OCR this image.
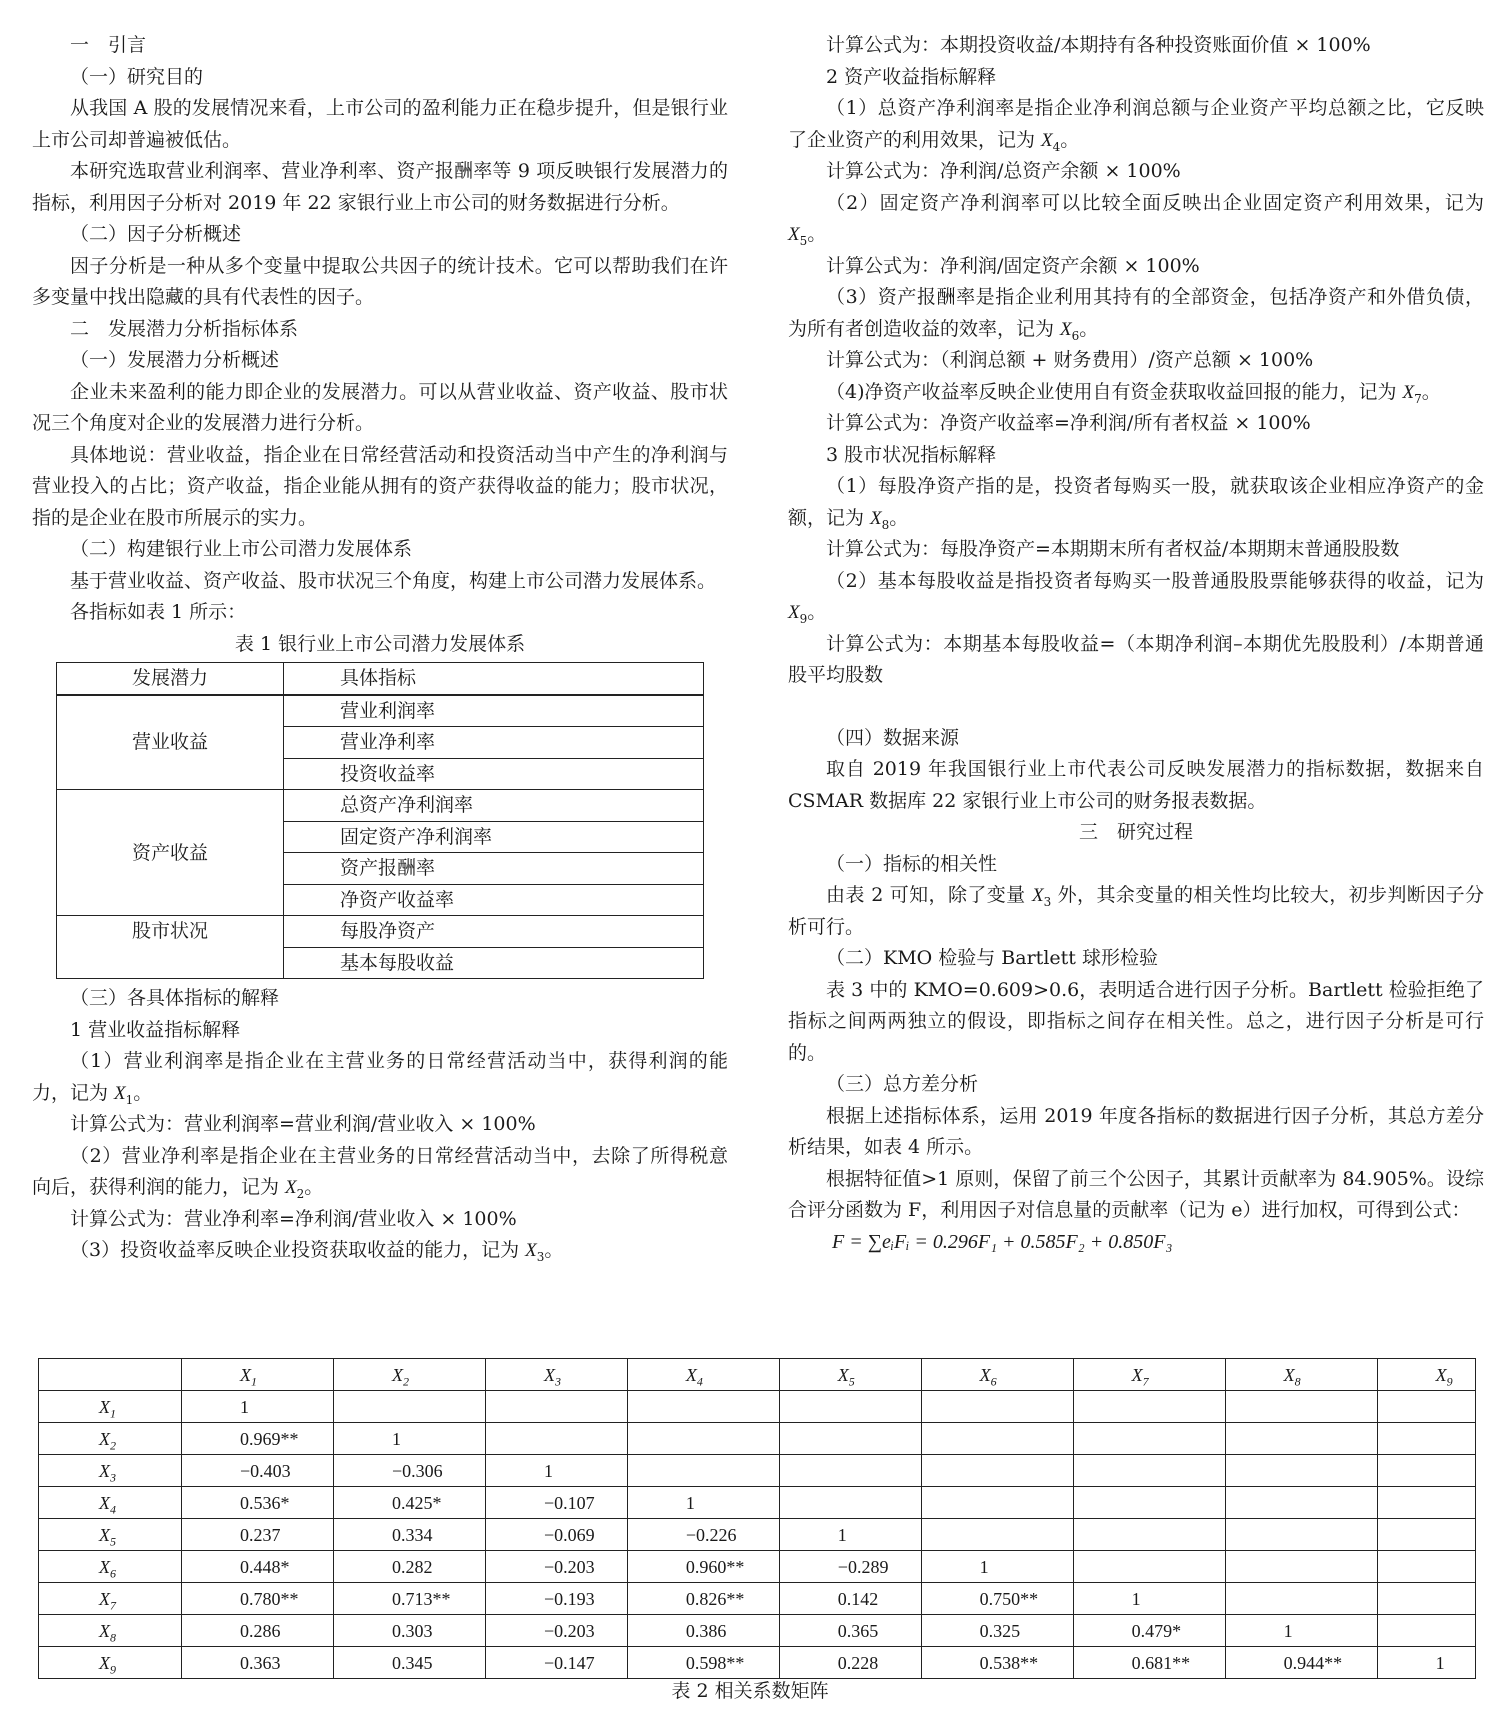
一　引言

（一）研究目的

从我国 A 股的发展情况来看，上市公司的盈利能力正在稳步提升，但是银行业上市公司却普遍被低估。

本研究选取营业利润率、营业净利率、资产报酬率等 9 项反映银行发展潜力的指标，利用因子分析对 2019 年 22 家银行业上市公司的财务数据进行分析。

（二）因子分析概述

因子分析是一种从多个变量中提取公共因子的统计技术。它可以帮助我们在许多变量中找出隐藏的具有代表性的因子。

二　发展潜力分析指标体系

（一）发展潜力分析概述

企业未来盈利的能力即企业的发展潜力。可以从营业收益、资产收益、股市状况三个角度对企业的发展潜力进行分析。

具体地说：营业收益，指企业在日常经营活动和投资活动当中产生的净利润与营业投入的占比；资产收益，指企业能从拥有的资产获得收益的能力；股市状况，指的是企业在股市所展示的实力。

（二）构建银行业上市公司潜力发展体系

基于营业收益、资产收益、股市状况三个角度，构建上市公司潜力发展体系。

各指标如表 1 所示：

表 1 银行业上市公司潜力发展体系

发展潜力	具体指标
营业收益	营业利润率
	营业净利率
	投资收益率
资产收益	总资产净利润率
	固定资产净利润率
	资产报酬率
	净资产收益率
股市状况	每股净资产
	基本每股收益

（三）各具体指标的解释

1 营业收益指标解释

（1）营业利润率是指企业在主营业务的日常经营活动当中，获得利润的能力，记为 $X_1$。

计算公式为：营业利润率=营业利润/营业收入 × 100%

（2）营业净利率是指企业在主营业务的日常经营活动当中，去除了所得税意向后，获得利润的能力，记为 $X_2$。

计算公式为：营业净利率=净利润/营业收入 × 100%

（3）投资收益率反映企业投资获取收益的能力，记为 $X_3$。

计算公式为：本期投资收益/本期持有各种投资账面价值 × 100%

2 资产收益指标解释

（1）总资产净利润率是指企业净利润总额与企业资产平均总额之比，它反映了企业资产的利用效果，记为 $X_4$。

计算公式为：净利润/总资产余额 × 100%

（2）固定资产净利润率可以比较全面反映出企业固定资产利用效果，记为 $X_5$。

计算公式为：净利润/固定资产余额 × 100%

（3）资产报酬率是指企业利用其持有的全部资金，包括净资产和外借负债，为所有者创造收益的效率，记为 $X_6$。

计算公式为：（利润总额 + 财务费用）/资产总额 × 100%

（4)净资产收益率反映企业使用自有资金获取收益回报的能力，记为 $X_7$。

计算公式为：净资产收益率=净利润/所有者权益 × 100%

3 股市状况指标解释

（1）每股净资产指的是，投资者每购买一股，就获取该企业相应净资产的金额，记为 $X_8$。

计算公式为：每股净资产=本期期末所有者权益/本期期末普通股股数

（2）基本每股收益是指投资者每购买一股普通股股票能够获得的收益，记为 $X_9$。

计算公式为：本期基本每股收益=（本期净利润–本期优先股股利）/本期普通股平均股数

（四）数据来源

取自 2019 年我国银行业上市代表公司反映发展潜力的指标数据，数据来自 CSMAR 数据库 22 家银行业上市公司的财务报表数据。

三　研究过程

（一）指标的相关性

由表 2 可知，除了变量 $X_3$ 外，其余变量的相关性均比较大，初步判断因子分析可行。

（二）KMO 检验与 Bartlett 球形检验

表 3 中的 KMO=0.609>0.6，表明适合进行因子分析。Bartlett 检验拒绝了指标之间两两独立的假设，即指标之间存在相关性。总之，进行因子分析是可行的。

（三）总方差分析

根据上述指标体系，运用 2019 年度各指标的数据进行因子分析，其总方差分析结果，如表 4 所示。

根据特征值>1 原则，保留了前三个公因子，其累计贡献率为 84.905%。设综合评分函数为 F，利用因子对信息量的贡献率（记为 e）进行加权，可得到公式：

F = ∑eᵢFᵢ = 0.296F₁ + 0.585F₂ + 0.850F₃

	$X_1$	$X_2$	$X_3$	$X_4$	$X_5$	$X_6$	$X_7$	$X_8$	$X_9$
$X_1$	1								
$X_2$	0.969**	1							
$X_3$	−0.403	−0.306	1						
$X_4$	0.536*	0.425*	−0.107	1					
$X_5$	0.237	0.334	−0.069	−0.226	1				
$X_6$	0.448*	0.282	−0.203	0.960**	−0.289	1			
$X_7$	0.780**	0.713**	−0.193	0.826**	0.142	0.750**	1		
$X_8$	0.286	0.303	−0.203	0.386	0.365	0.325	0.479*	1	
$X_9$	0.363	0.345	−0.147	0.598**	0.228	0.538**	0.681**	0.944**	1
表 2 相关系数矩阵
